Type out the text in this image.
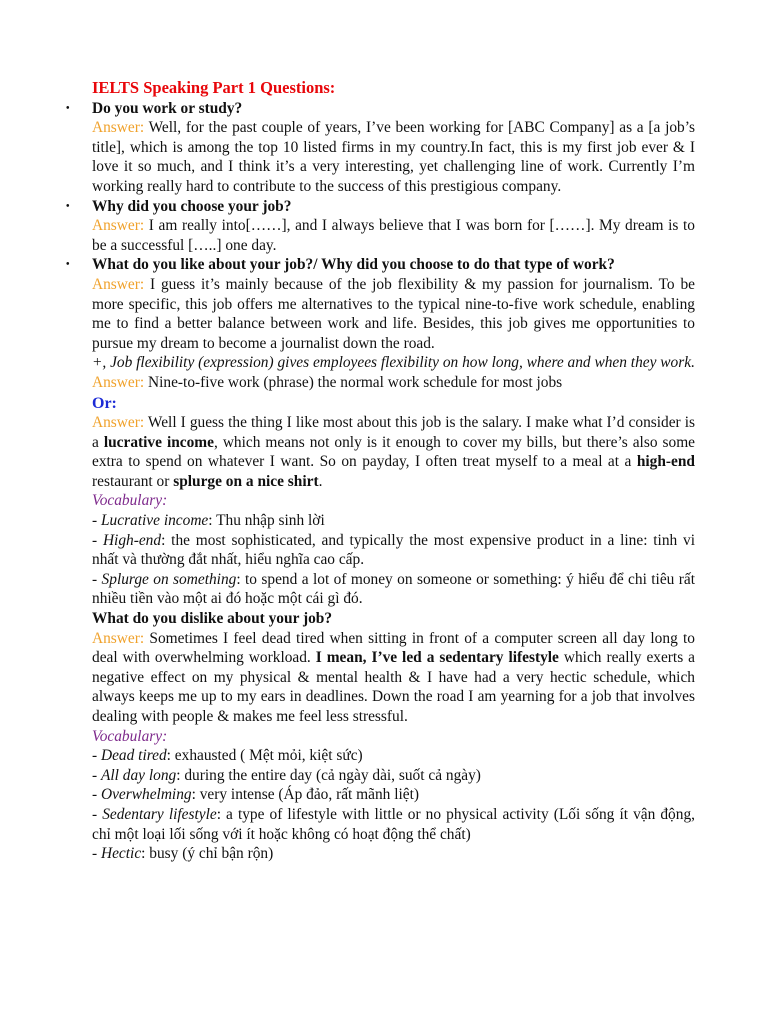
IELTS Speaking Part 1 Questions:

• Do you work or study?

Answer: Well, for the past couple of years, I’ve been working for [ABC Company] as a [a job’s title], which is among the top 10 listed firms in my country.In fact, this is my first job ever & I love it so much, and I think it’s a very interesting, yet challenging line of work. Currently I’m working really hard to contribute to the success of this prestigious company.

• Why did you choose your job?

Answer: I am really into[……], and I always believe that I was born for [……]. My dream is to be a successful […..] one day.

• What do you like about your job?/ Why did you choose to do that type of work?

Answer: I guess it’s mainly because of the job flexibility & my passion for journalism. To be more specific, this job offers me alternatives to the typical nine-to-five work schedule, enabling me to find a better balance between work and life. Besides, this job gives me opportunities to pursue my dream to become a journalist down the road.

+, Job flexibility (expression) gives employees flexibility on how long, where and when they work.

Answer: Nine-to-five work (phrase) the normal work schedule for most jobs

Or:

Answer: Well I guess the thing I like most about this job is the salary. I make what I’d consider is a lucrative income, which means not only is it enough to cover my bills, but there’s also some extra to spend on whatever I want. So on payday, I often treat myself to a meal at a high-end restaurant or splurge on a nice shirt.

Vocabulary:

- Lucrative income: Thu nhập sinh lời

- High-end: the most sophisticated, and typically the most expensive product in a line: tinh vi nhất và thường đắt nhất, hiểu nghĩa cao cấp.

- Splurge on something: to spend a lot of money on someone or something: ý hiểu để chi tiêu rất nhiều tiền vào một ai đó hoặc một cái gì đó.

What do you dislike about your job?

Answer: Sometimes I feel dead tired when sitting in front of a computer screen all day long to deal with overwhelming workload. I mean, I’ve led a sedentary lifestyle which really exerts a negative effect on my physical & mental health & I have had a very hectic schedule, which always keeps me up to my ears in deadlines. Down the road I am yearning for a job that involves dealing with people & makes me feel less stressful.

Vocabulary:

- Dead tired: exhausted ( Mệt mỏi, kiệt sức)

- All day long: during the entire day (cả ngày dài, suốt cả ngày)

- Overwhelming: very intense (Áp đảo, rất mãnh liệt)

- Sedentary lifestyle: a type of lifestyle with little or no physical activity (Lối sống ít vận động, chỉ một loại lối sống với ít hoặc không có hoạt động thể chất)

- Hectic: busy (ý chỉ bận rộn)
